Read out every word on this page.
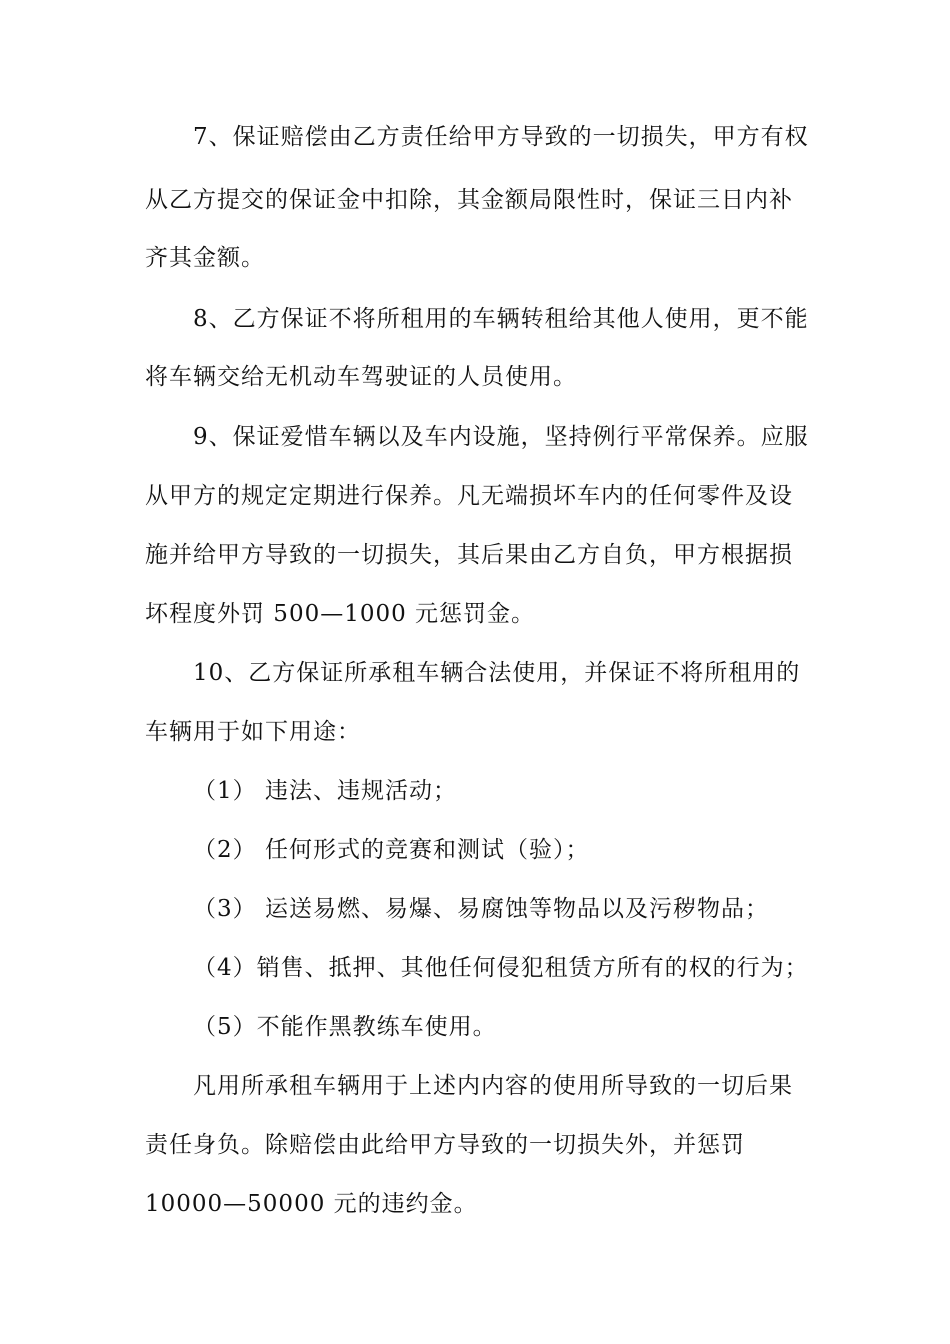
7、保证赔偿由乙方责任给甲方导致的一切损失，甲方有权

从乙方提交的保证金中扣除，其金额局限性时，保证三日内补

齐其金额。

8、乙方保证不将所租用的车辆转租给其他人使用，更不能

将车辆交给无机动车驾驶证的人员使用。

9、保证爱惜车辆以及车内设施，坚持例行平常保养。应服

从甲方的规定定期进行保养。凡无端损坏车内的任何零件及设

施并给甲方导致的一切损失，其后果由乙方自负，甲方根据损

坏程度外罚 500—1000 元惩罚金。

10、乙方保证所承租车辆合法使用，并保证不将所租用的

车辆用于如下用途：

（1） 违法、违规活动；

（2） 任何形式的竞赛和测试（验）；

（3） 运送易燃、易爆、易腐蚀等物品以及污秽物品；

（4）销售、抵押、其他任何侵犯租赁方所有的权的行为；

（5）不能作黑教练车使用。

凡用所承租车辆用于上述内内容的使用所导致的一切后果

责任身负。除赔偿由此给甲方导致的一切损失外，并惩罚

10000—50000 元的违约金。
